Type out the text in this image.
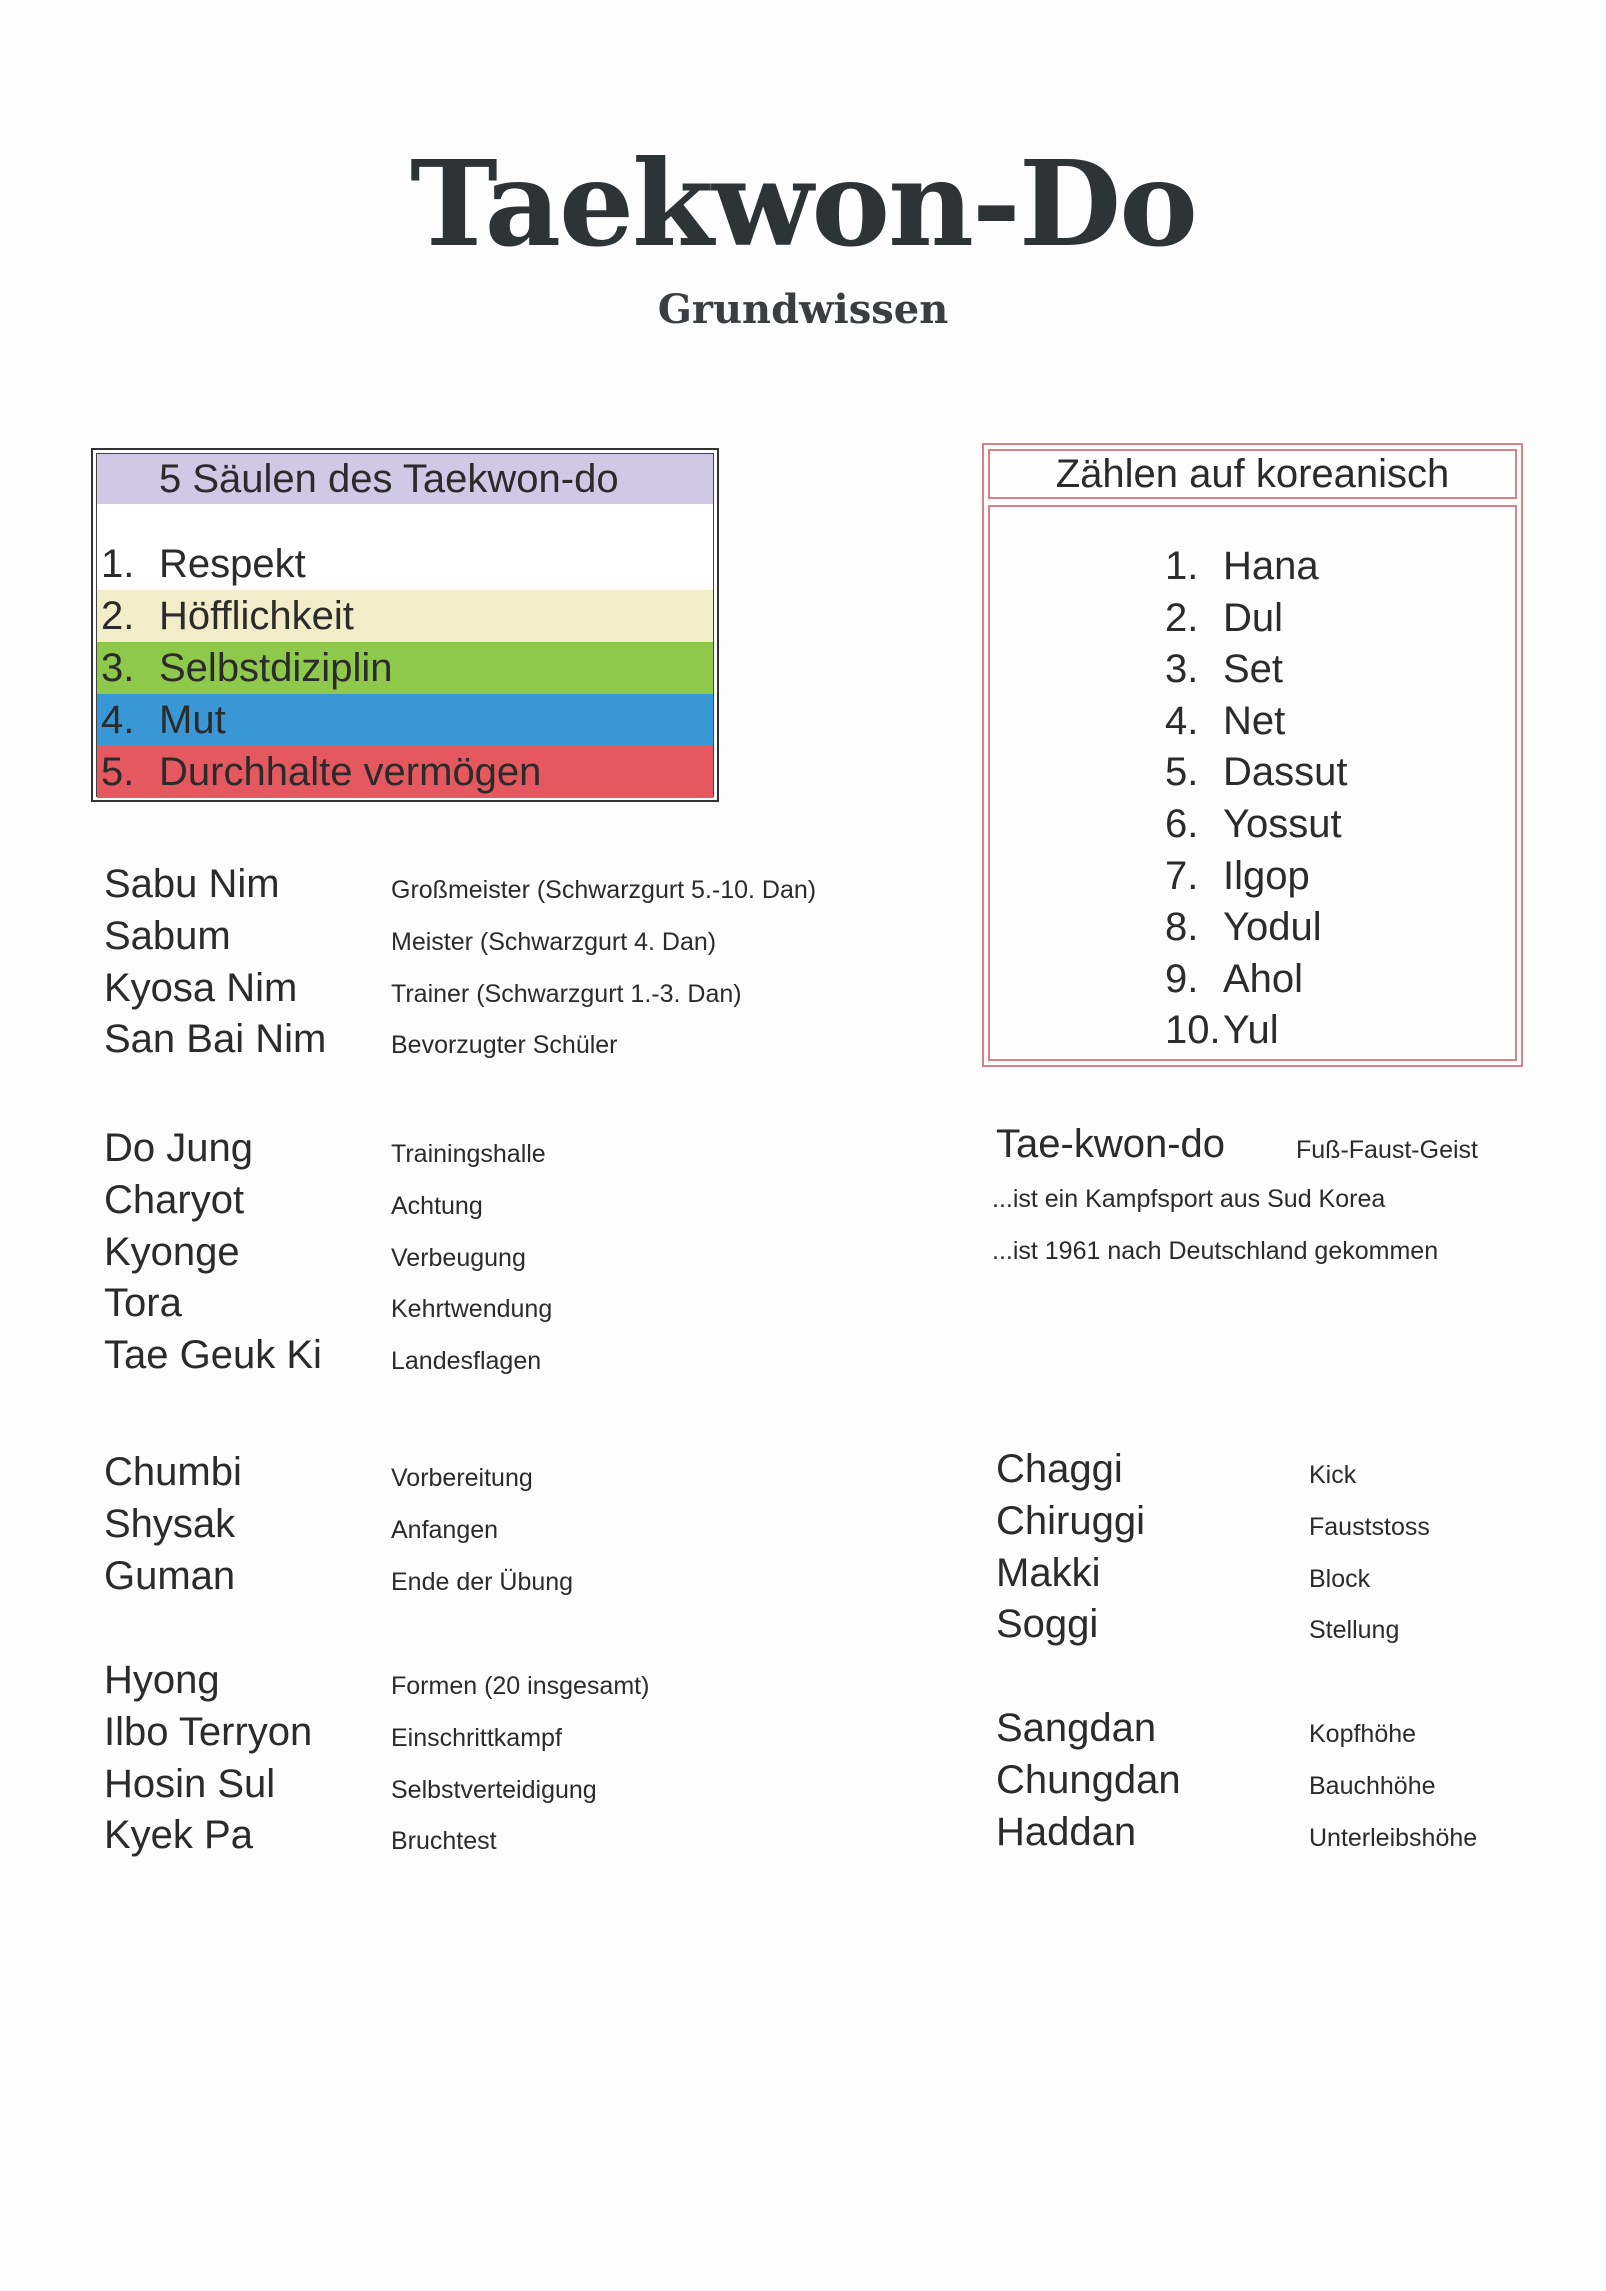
Taekwon-Do
Grundwissen
5 Säulen des Taekwon-do
1. Respekt
2. Höfflichkeit
3. Selbstdiziplin
4. Mut
5. Durchhalte vermögen
Zählen auf koreanisch
1. Hana
2. Dul
3. Set
4. Net
5. Dassut
6. Yossut
7. Ilgop
8. Yodul
9. Ahol
10.Yul
Sabu Nim	Großmeister (Schwarzgurt 5.-10. Dan)
Sabum	Meister (Schwarzgurt 4. Dan)
Kyosa Nim	Trainer (Schwarzgurt 1.-3. Dan)
San Bai Nim	Bevorzugter Schüler
Do Jung	Trainingshalle
Charyot	Achtung
Kyonge	Verbeugung
Tora	Kehrtwendung
Tae Geuk Ki	Landesflagen
Chumbi	Vorbereitung
Shysak	Anfangen
Guman	Ende der Übung
Hyong	Formen (20 insgesamt)
Ilbo Terryon	Einschrittkampf
Hosin Sul	Selbstverteidigung
Kyek Pa	Bruchtest
Tae-kwon-do	Fuß-Faust-Geist
...ist ein Kampfsport aus Sud Korea
...ist 1961 nach Deutschland gekommen
Chaggi	Kick
Chiruggi	Fauststoss
Makki	Block
Soggi	Stellung
Sangdan	Kopfhöhe
Chungdan	Bauchhöhe
Haddan	Unterleibshöhe
